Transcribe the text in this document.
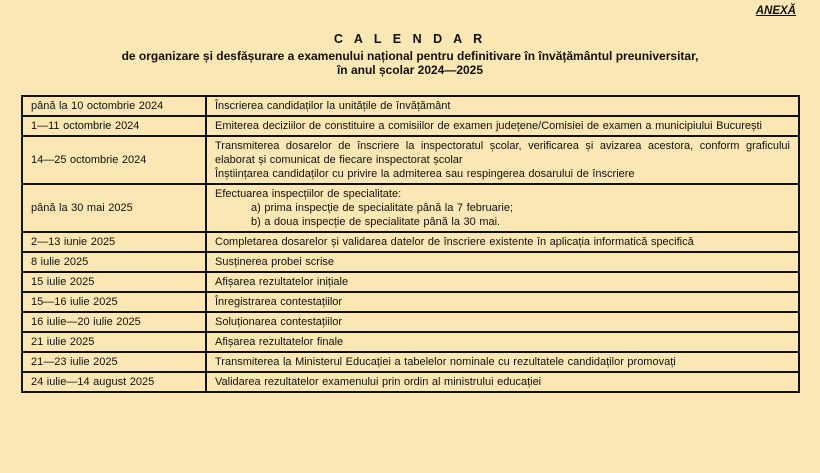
ANEXĂ
C A L E N D A R
de organizare și desfășurare a examenului național pentru definitivare în învățământul preuniversitar,
în anul școlar 2024—2025
până la 10 octombrie 2024	Înscrierea candidaților la unitățile de învățământ

1—11 octombrie 2024	Emiterea deciziilor de constituire a comisiilor de examen județene/Comisiei de examen a municipiului București

14—25 octombrie 2024	Transmiterea dosarelor de înscriere la inspectoratul școlar, verificarea și avizarea acestora, conform graficului elaborat și comunicat de fiecare inspectorat școlar
Înștiințarea candidaților cu privire la admiterea sau respingerea dosarului de înscriere

până la 30 mai 2025	Efectuarea inspecțiilor de specialitate:
a) prima inspecție de specialitate până la 7 februarie;
b) a doua inspecție de specialitate până la 30 mai.

2—13 iunie 2025	Completarea dosarelor și validarea datelor de înscriere existente în aplicația informatică specifică

8 iulie 2025	Susținerea probei scrise

15 iulie 2025	Afișarea rezultatelor inițiale

15—16 iulie 2025	Înregistrarea contestațiilor

16 iulie—20 iulie 2025	Soluționarea contestațiilor

21 iulie 2025	Afișarea rezultatelor finale

21—23 iulie 2025	Transmiterea la Ministerul Educației a tabelelor nominale cu rezultatele candidaților promovați

24 iulie—14 august 2025	Validarea rezultatelor examenului prin ordin al ministrului educației
